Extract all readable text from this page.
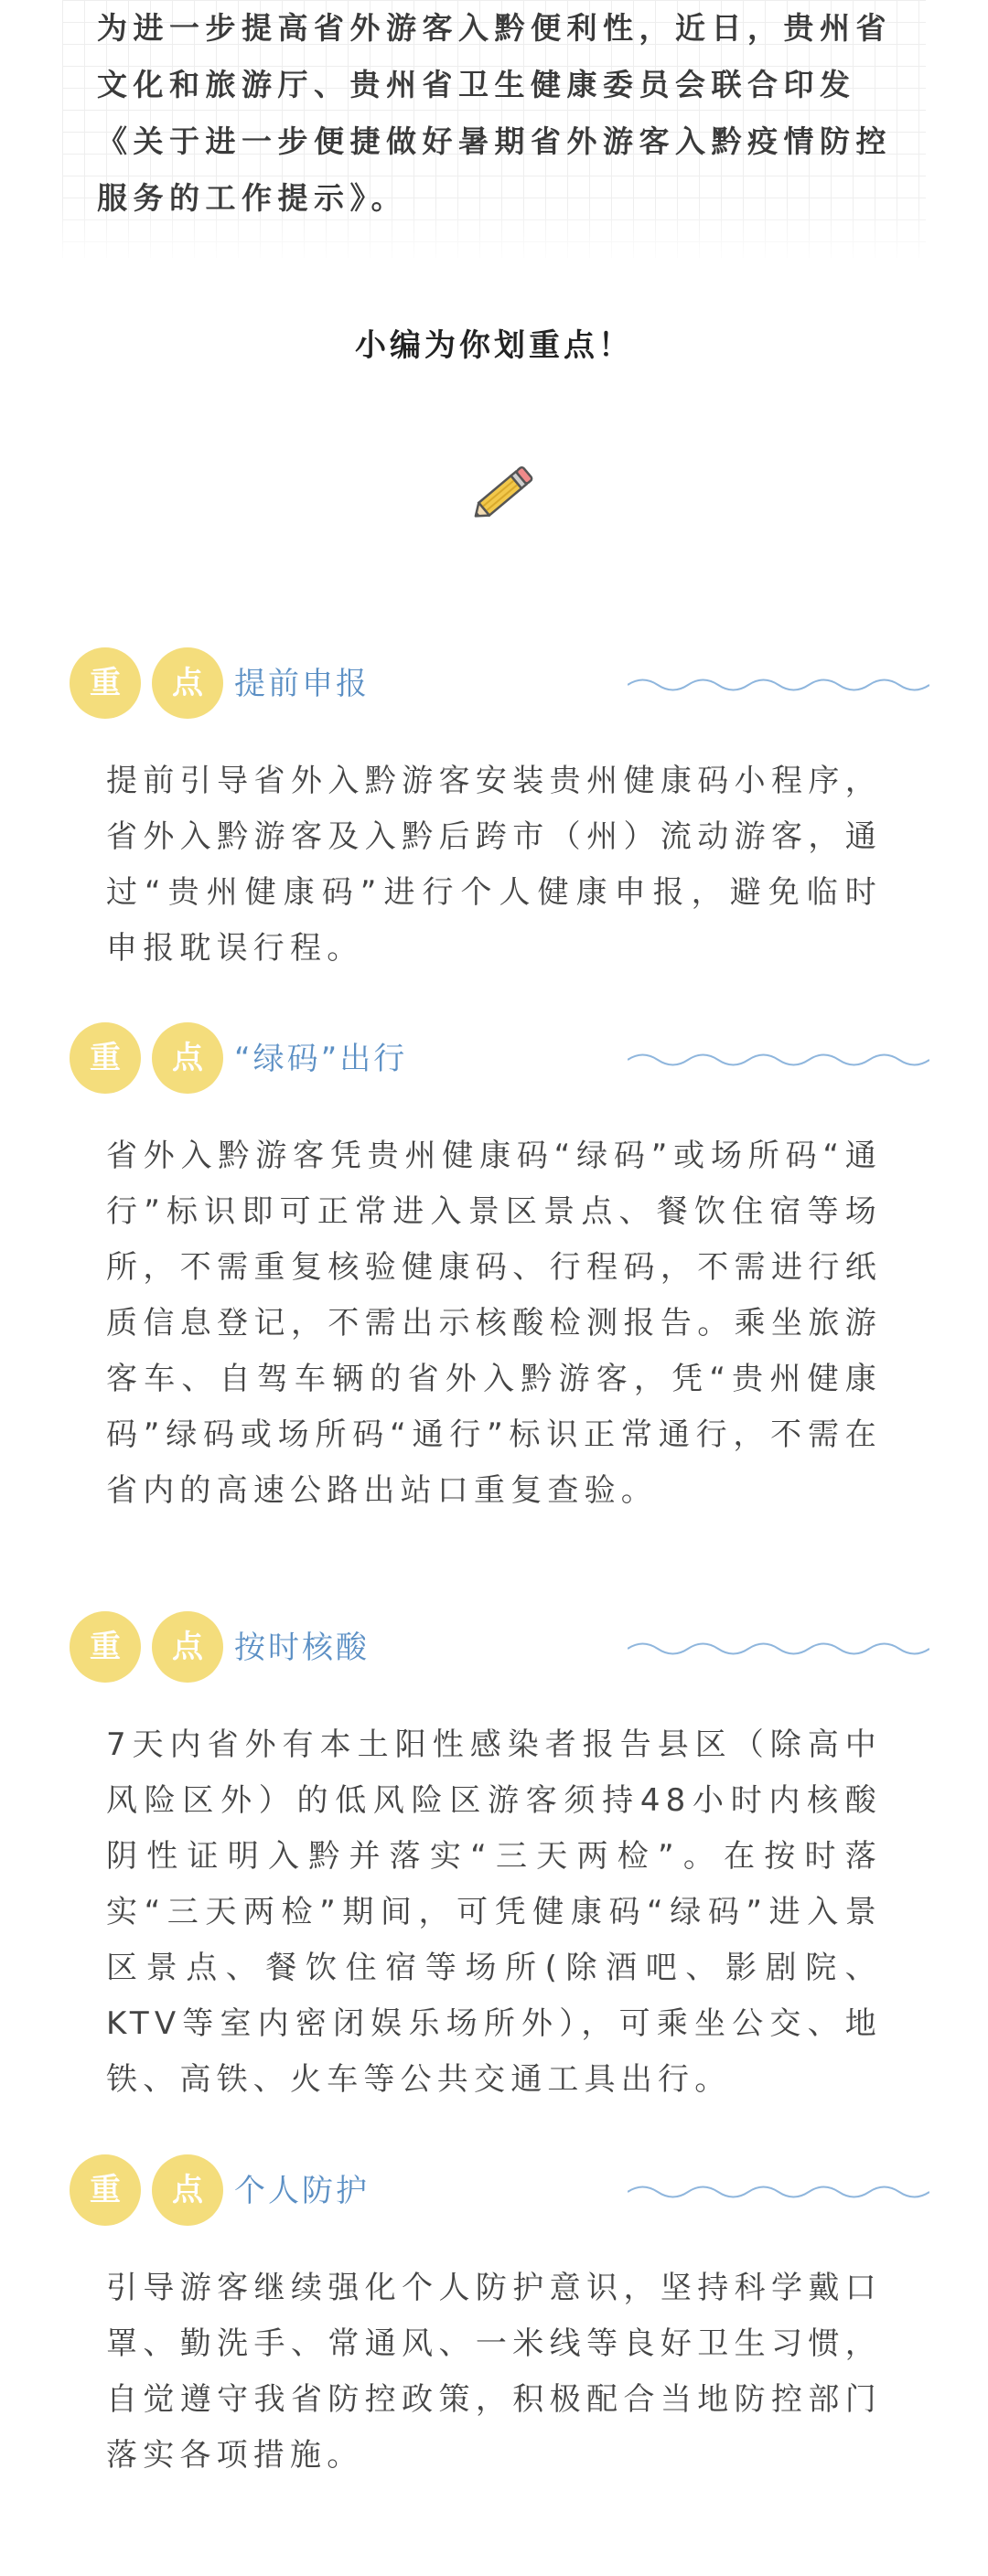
为进一步提高省外游客入黔便利性，近日，贵州省文化和旅游厅、贵州省卫生健康委员会联合印发《关于进一步便捷做好暑期省外游客入黔疫情防控服务的工作提示》。

小编为你划重点！
重	点	提前申报

提前引导省外入黔游客安装贵州健康码小程序，省外入黔游客及入黔后跨市（州）流动游客，通过“贵州健康码”进行个人健康申报，避免临时申报耽误行程。

重	点	“绿码”出行

省外入黔游客凭贵州健康码“绿码”或场所码“通行”标识即可正常进入景区景点、餐饮住宿等场所，不需重复核验健康码、行程码，不需进行纸质信息登记，不需出示核酸检测报告。乘坐旅游客车、自驾车辆的省外入黔游客，凭“贵州健康码”绿码或场所码“通行”标识正常通行，不需在省内的高速公路出站口重复查验。

重	点	按时核酸

7天内省外有本土阳性感染者报告县区（除高中风险区外）的低风险区游客须持48小时内核酸阴性证明入黔并落实“三天两检”。在按时落实“三天两检”期间，可凭健康码“绿码”进入景区景点、餐饮住宿等场所(除酒吧、影剧院、KTV等室内密闭娱乐场所外），可乘坐公交、地铁、高铁、火车等公共交通工具出行。

重	点	个人防护

引导游客继续强化个人防护意识，坚持科学戴口罩、勤洗手、常通风、一米线等良好卫生习惯，自觉遵守我省防控政策，积极配合当地防控部门落实各项措施。
